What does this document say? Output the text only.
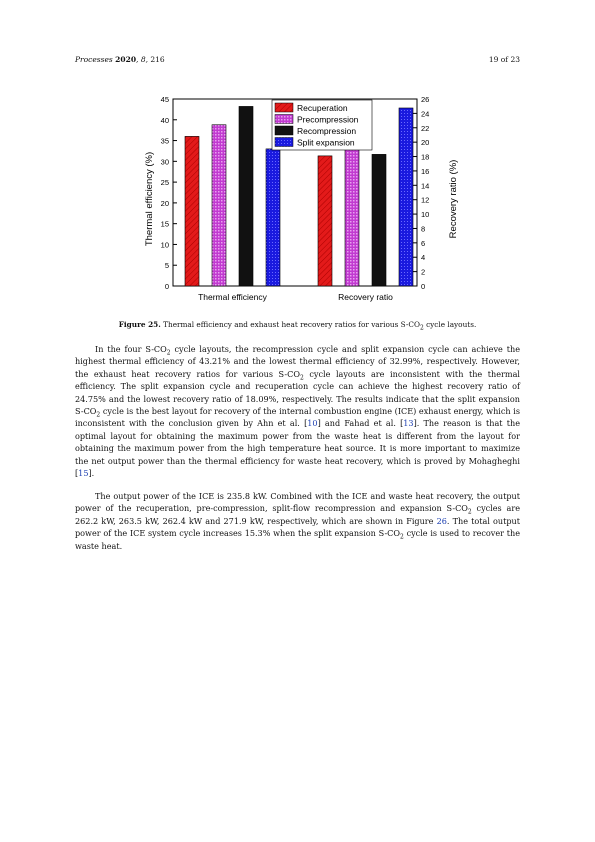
Processes 2020, 8, 216	19 of 23
0
5
10
15
20
25
30
35
40
45
0
2
4
6
8
10
12
14
16
18
20
22
24
26
Thermal efficiency	Recovery ratio
Recuperation
Precompression
Recompression
Split expansion
Thermal efficiency (%)	Recovery ratio (%)
Figure 25. Thermal efficiency and exhaust heat recovery ratios for various $S-CO_2$ cycle layouts.

In the four $S-CO_2$ cycle layouts, the recompression cycle and split expansion cycle can achieve the highest thermal efficiency of 43.21% and the lowest thermal efficiency of 32.99%, respectively. However, the exhaust heat recovery ratios for various $S-CO_2$ cycle layouts are inconsistent with the thermal efficiency. The split expansion cycle and recuperation cycle can achieve the highest recovery ratio of 24.75% and the lowest recovery ratio of 18.09%, respectively. The results indicate that the split expansion $S-CO_2$ cycle is the best layout for recovery of the internal combustion engine (ICE) exhaust energy, which is inconsistent with the conclusion given by Ahn et al. [10] and Fahad et al. [13]. The reason is that the optimal layout for obtaining the maximum power from the waste heat is different from the layout for obtaining the maximum power from the high temperature heat source. It is more important to maximize the net output power than the thermal efficiency for waste heat recovery, which is proved by Mohagheghi [15].

The output power of the ICE is 235.8 kW. Combined with the ICE and waste heat recovery, the output power of the recuperation, pre-compression, split-flow recompression and expansion $S-CO_2$ cycles are 262.2 kW, 263.5 kW, 262.4 kW and 271.9 kW, respectively, which are shown in Figure 26. The total output power of the ICE system cycle increases 15.3% when the split expansion $S-CO_2$ cycle is used to recover the waste heat.
